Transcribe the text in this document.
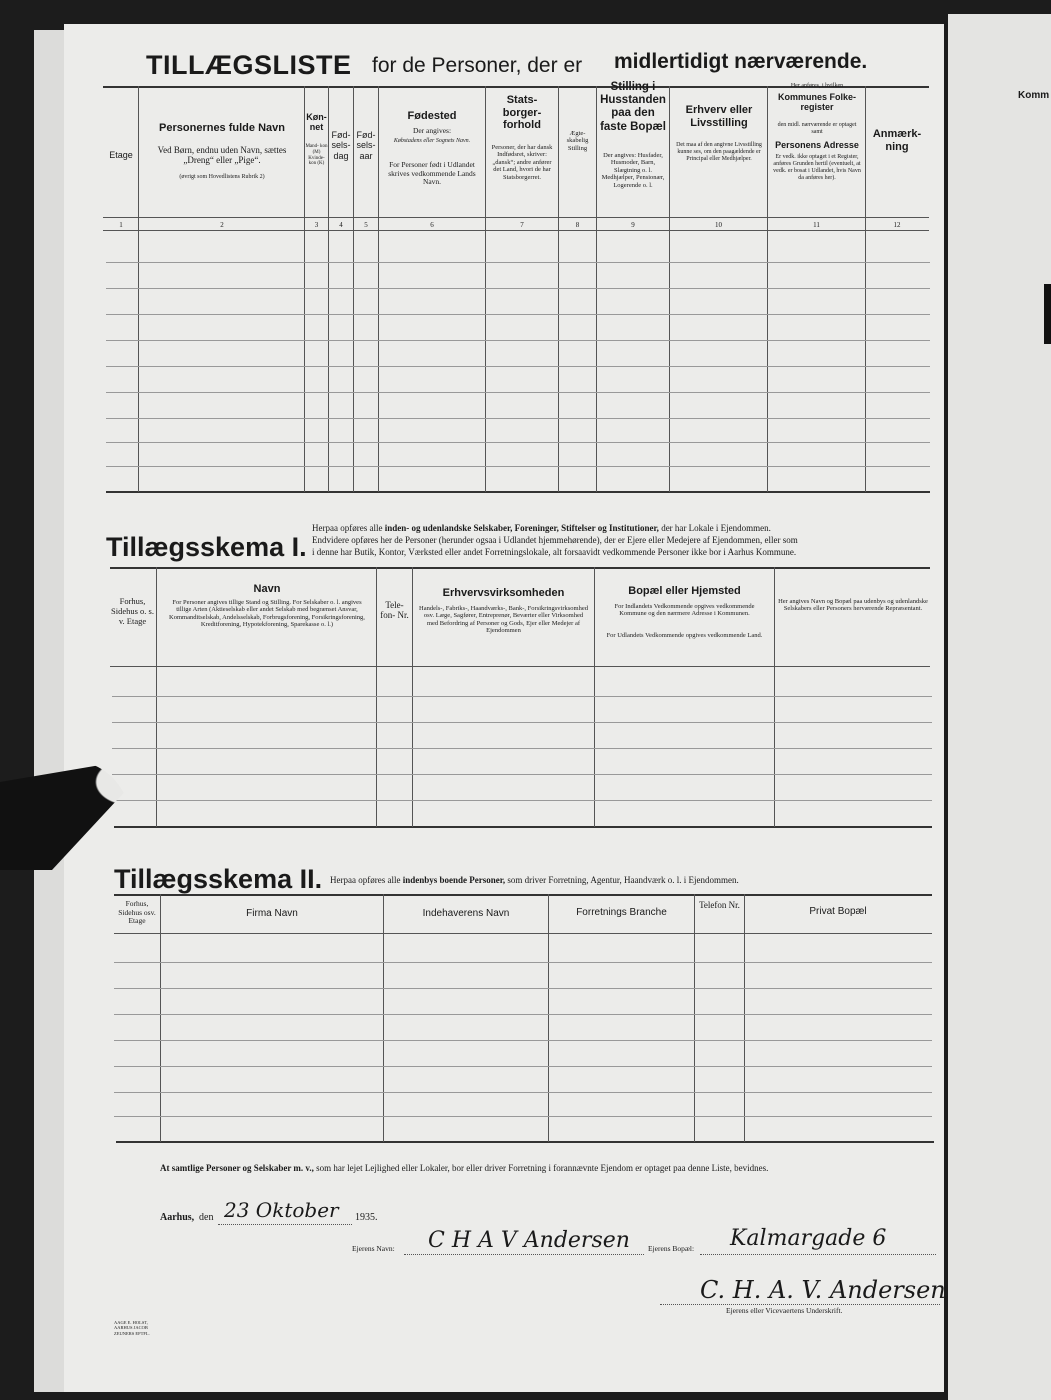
Komm
TILLÆGSLISTE for de Personer, der er midlertidigt nærværende.
Etage
Personernes fulde Navn
Ved Børn, endnu uden Navn, sættes „Dreng“ eller „Pige“.
(øvrigt som Hovedlistens Rubrik 2)
Køn- net
Mand- kon (M) Kvinde- kon (K)
Fød- sels- dag
Fød- sels- aar
Fødested
Der angives:
Købstadens eller Sognets Navn.
For Personer født i Udlandet skrives vedkommende Lands Navn.
Stats- borger- forhold
Personer, der har dansk Indfødsret, skriver: „dansk“; andre anfører det Land, hvori de har Statsborgerret.
Ægte- skabelig Stilling
Stilling i Husstanden paa den faste Bopæl
Der angives: Husfader, Husmoder, Barn, Slægtning o. l. Medhjælper, Pensionær, Logerende o. l.
Erhverv eller Livsstilling
Det maa af den angivne Livsstilling kunne ses, om den paagældende er Principal eller Medhjælper.
Her anføres, i hvilken
Kommunes Folke- register
den midl. nærværende er optaget samt
Personens Adresse
Er vedk. ikke optaget i et Register, anføres Grunden hertil (eventuelt, at vedk. er bosat i Udlandet, hvis Navn da anføres her).
Anmærk- ning
1	2	3	4	5	6	7	8	9	10	11	12
Tillægsskema I.
Herpaa opføres alle inden- og udenlandske Selskaber, Foreninger, Stiftelser og Institutioner, der har Lokale i Ejendommen.
Endvidere opføres her de Personer (herunder ogsaa i Udlandet hjemmehørende), der er Ejere eller Medejere af Ejendommen, eller som
i denne har Butik, Kontor, Værksted eller andet Forretningslokale, alt forsaavidt vedkommende Personer ikke bor i Aarhus Kommune.
Forhus, Sidehus o. s. v. Etage
Navn
For Personer angives tillige Stand og Stilling. For Selskaber o. l. angives tillige Arten (Aktieselskab eller andet Selskab med begrænset Ansvar, Kommanditselskab, Andelsselskab, Forbrugsforening, Forsikringsforening, Kreditforening, Hypotekforening, Sparekasse o. l.)
Tele- fon- Nr.
Erhvervsvirksomheden
Handels-, Fabriks-, Haandværks-, Bank-, Forsikringsvirksomhed osv. Læge, Sagfører, Entreprenør, Beværter eller Virksomhed med Befordring af Personer og Gods, Ejer eller Medejer af Ejendommen
Bopæl eller Hjemsted
For Indlandets Vedkommende opgives vedkommende Kommune og den nærmere Adresse i Kommunen.
For Udlandets Vedkommende opgives vedkommende Land.
Her angives Navn og Bopæl paa udenbys og udenlandske Selskabers eller Personers herværende Repræsentant.
Tillægsskema II. Herpaa opføres alle indenbys boende Personer, som driver Forretning, Agentur, Haandværk o. l. i Ejendommen.
Forhus, Sidehus osv. Etage
Firma Navn	Indehaverens Navn	Forretnings Branche
Telefon Nr.
Privat Bopæl
At samtlige Personer og Selskaber m. v., som har lejet Lejlighed eller Lokaler, bor eller driver Forretning i forannævnte Ejendom er optaget paa denne Liste, bevidnes.
Aarhus, den 23 Oktober 1935.
Ejerens Navn: C H A V Andersen Ejerens Bopæl: Kalmargade 6
C. H. A. V. Andersen
Ejerens eller Vicevaertens Underskrift.
AAGE E. HOLST, AARHUS JACOB ZEUNERS EFTFL.
